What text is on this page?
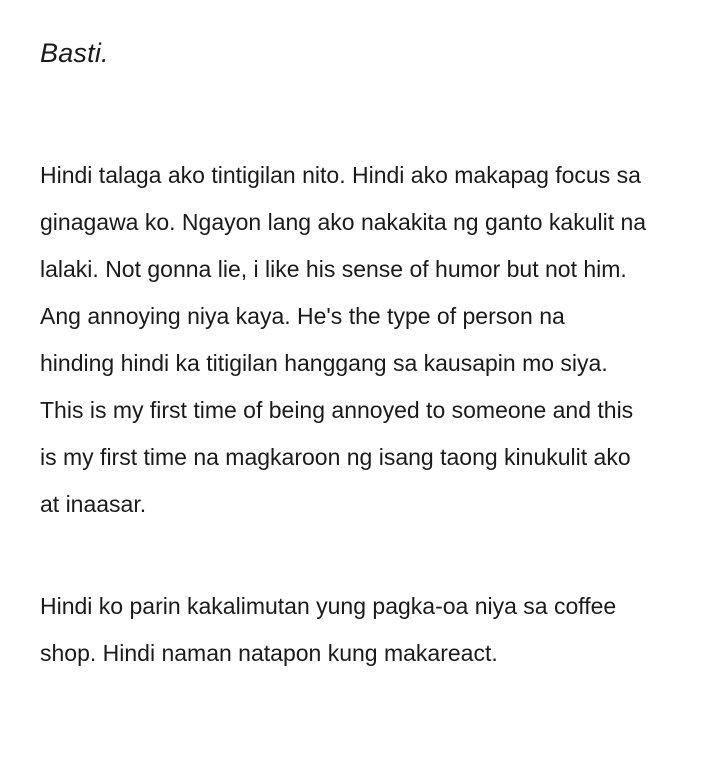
Basti.

Hindi talaga ako tintigilan nito. Hindi ako makapag focus sa
ginagawa ko. Ngayon lang ako nakakita ng ganto kakulit na
lalaki. Not gonna lie, i like his sense of humor but not him.
Ang annoying niya kaya. He's the type of person na
hinding hindi ka titigilan hanggang sa kausapin mo siya.
This is my first time of being annoyed to someone and this
is my first time na magkaroon ng isang taong kinukulit ako
at inaasar.

Hindi ko parin kakalimutan yung pagka-oa niya sa coffee
shop. Hindi naman natapon kung makareact.
